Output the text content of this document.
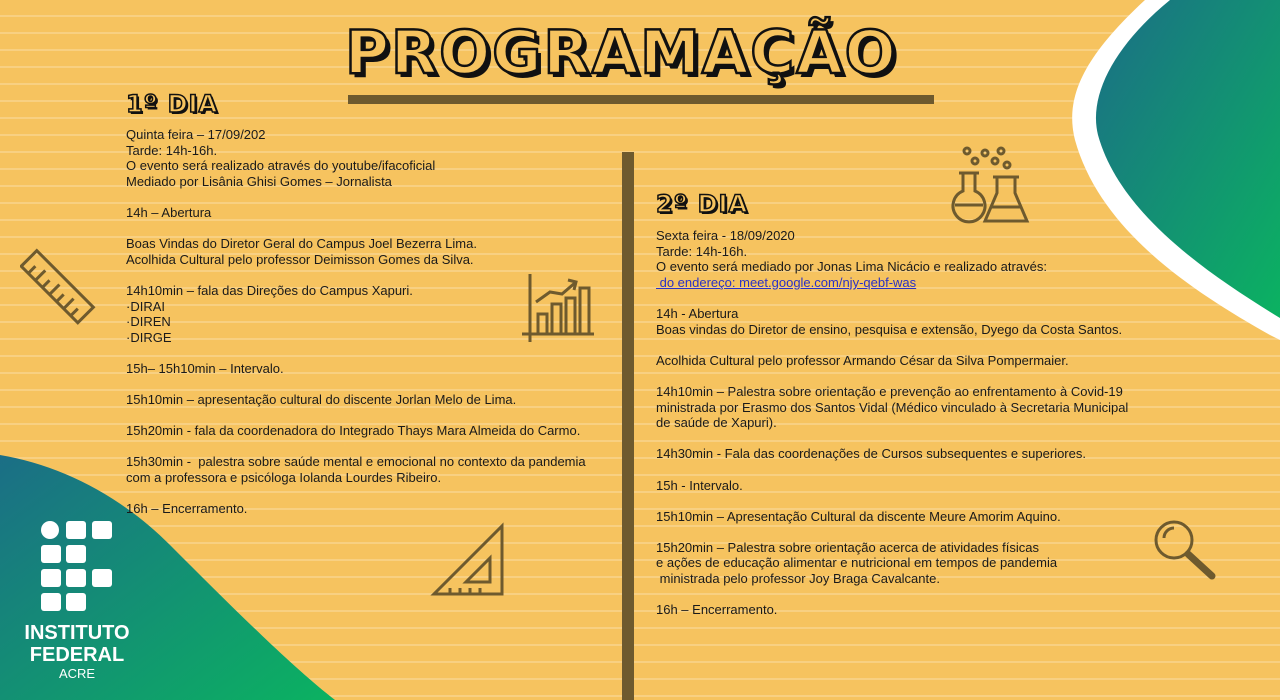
INSTITUTO
FEDERAL
ACRE
PROGRAMAÇÃO
1º DIA
Quinta feira – 17/09/202
Tarde: 14h-16h.
O evento será realizado através do youtube/ifacoficial
Mediado por Lisânia Ghisi Gomes – Jornalista
14h – Abertura
Boas Vindas do Diretor Geral do Campus Joel Bezerra Lima.
Acolhida Cultural pelo professor Deimisson Gomes da Silva.
14h10min – fala das Direções do Campus Xapuri.
·DIRAI
·DIREN
·DIRGE
15h– 15h10min – Intervalo.
15h10min – apresentação cultural do discente Jorlan Melo de Lima.
15h20min - fala da coordenadora do Integrado Thays Mara Almeida do Carmo.
15h30min -  palestra sobre saúde mental e emocional no contexto da pandemia
com a professora e psicóloga Iolanda Lourdes Ribeiro.
16h – Encerramento.
2º DIA
Sexta feira - 18/09/2020
Tarde: 14h-16h.
O evento será mediado por Jonas Lima Nicácio e realizado através:
do endereço: meet.google.com/njy-qebf-was
14h - Abertura
Boas vindas do Diretor de ensino, pesquisa e extensão, Dyego da Costa Santos.
Acolhida Cultural pelo professor Armando César da Silva Pompermaier.
14h10min – Palestra sobre orientação e prevenção ao enfrentamento à Covid-19
ministrada por Erasmo dos Santos Vidal (Médico vinculado à Secretaria Municipal
de saúde de Xapuri).
14h30min - Fala das coordenações de Cursos subsequentes e superiores.
15h - Intervalo.
15h10min – Apresentação Cultural da discente Meure Amorim Aquino.
15h20min – Palestra sobre orientação acerca de atividades físicas
e ações de educação alimentar e nutricional em tempos de pandemia
ministrada pelo professor Joy Braga Cavalcante.
16h – Encerramento.
